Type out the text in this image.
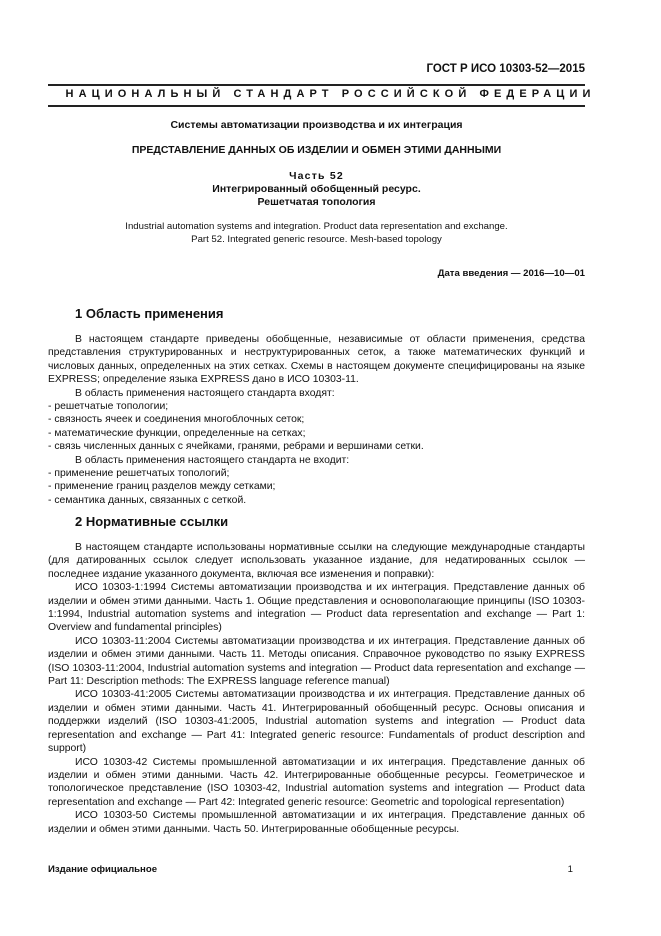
ГОСТ Р ИСО 10303-52—2015
НАЦИОНАЛЬНЫЙ СТАНДАРТ РОССИЙСКОЙ ФЕДЕРАЦИИ
Системы автоматизации производства и их интеграция
ПРЕДСТАВЛЕНИЕ ДАННЫХ ОБ ИЗДЕЛИИ И ОБМЕН ЭТИМИ ДАННЫМИ
Часть 52
Интегрированный обобщенный ресурс.
Решетчатая топология
Industrial automation systems and integration. Product data representation and exchange.
Part 52. Integrated generic resource. Mesh-based topology
Дата введения — 2016—10—01
1 Область применения

В настоящем стандарте приведены обобщенные, независимые от области применения, средства представления структурированных и неструктурированных сеток, а также математических функций и числовых данных, определенных на этих сетках. Схемы в настоящем документе специфицированы на языке EXPRESS; определение языка EXPRESS дано в ИСО 10303-11.

В область применения настоящего стандарта входят:

- решетчатые топологии;

- связность ячеек и соединения многоблочных сеток;

- математические функции, определенные на сетках;

- связь численных данных с ячейками, гранями, ребрами и вершинами сетки.

В область применения настоящего стандарта не входит:

- применение решетчатых топологий;

- применение границ разделов между сетками;

- семантика данных, связанных с сеткой.

2 Нормативные ссылки

В настоящем стандарте использованы нормативные ссылки на следующие международные стандарты (для датированных ссылок следует использовать указанное издание, для недатированных ссылок — последнее издание указанного документа, включая все изменения и поправки):

ИСО 10303-1:1994 Системы автоматизации производства и их интеграция. Представление данных об изделии и обмен этими данными. Часть 1. Общие представления и основополагающие принципы (ISO 10303-1:1994, Industrial automation systems and integration — Product data representation and exchange — Part 1: Overview and fundamental principles)

ИСО 10303-11:2004 Системы автоматизации производства и их интеграция. Представление данных об изделии и обмен этими данными. Часть 11. Методы описания. Справочное руководство по языку EXPRESS (ISO 10303-11:2004, Industrial automation systems and integration — Product data representation and exchange — Part 11: Description methods: The EXPRESS language reference manual)

ИСО 10303-41:2005 Системы автоматизации производства и их интеграция. Представление данных об изделии и обмен этими данными. Часть 41. Интегрированный обобщенный ресурс. Основы описания и поддержки изделий (ISO 10303-41:2005, Industrial automation systems and integration — Product data representation and exchange — Part 41: Integrated generic resource: Fundamentals of product description and support)

ИСО 10303-42 Системы промышленной автоматизации и их интеграция. Представление данных об изделии и обмен этими данными. Часть 42. Интегрированные обобщенные ресурсы. Геометрическое и топологическое представление (ISO 10303-42, Industrial automation systems and integration — Product data representation and exchange — Part 42: Integrated generic resource: Geometric and topological representation)

ИСО 10303-50 Системы промышленной автоматизации и их интеграция. Представление данных об изделии и обмен этими данными. Часть 50. Интегрированные обобщенные ресурсы.

Издание официальное	1
